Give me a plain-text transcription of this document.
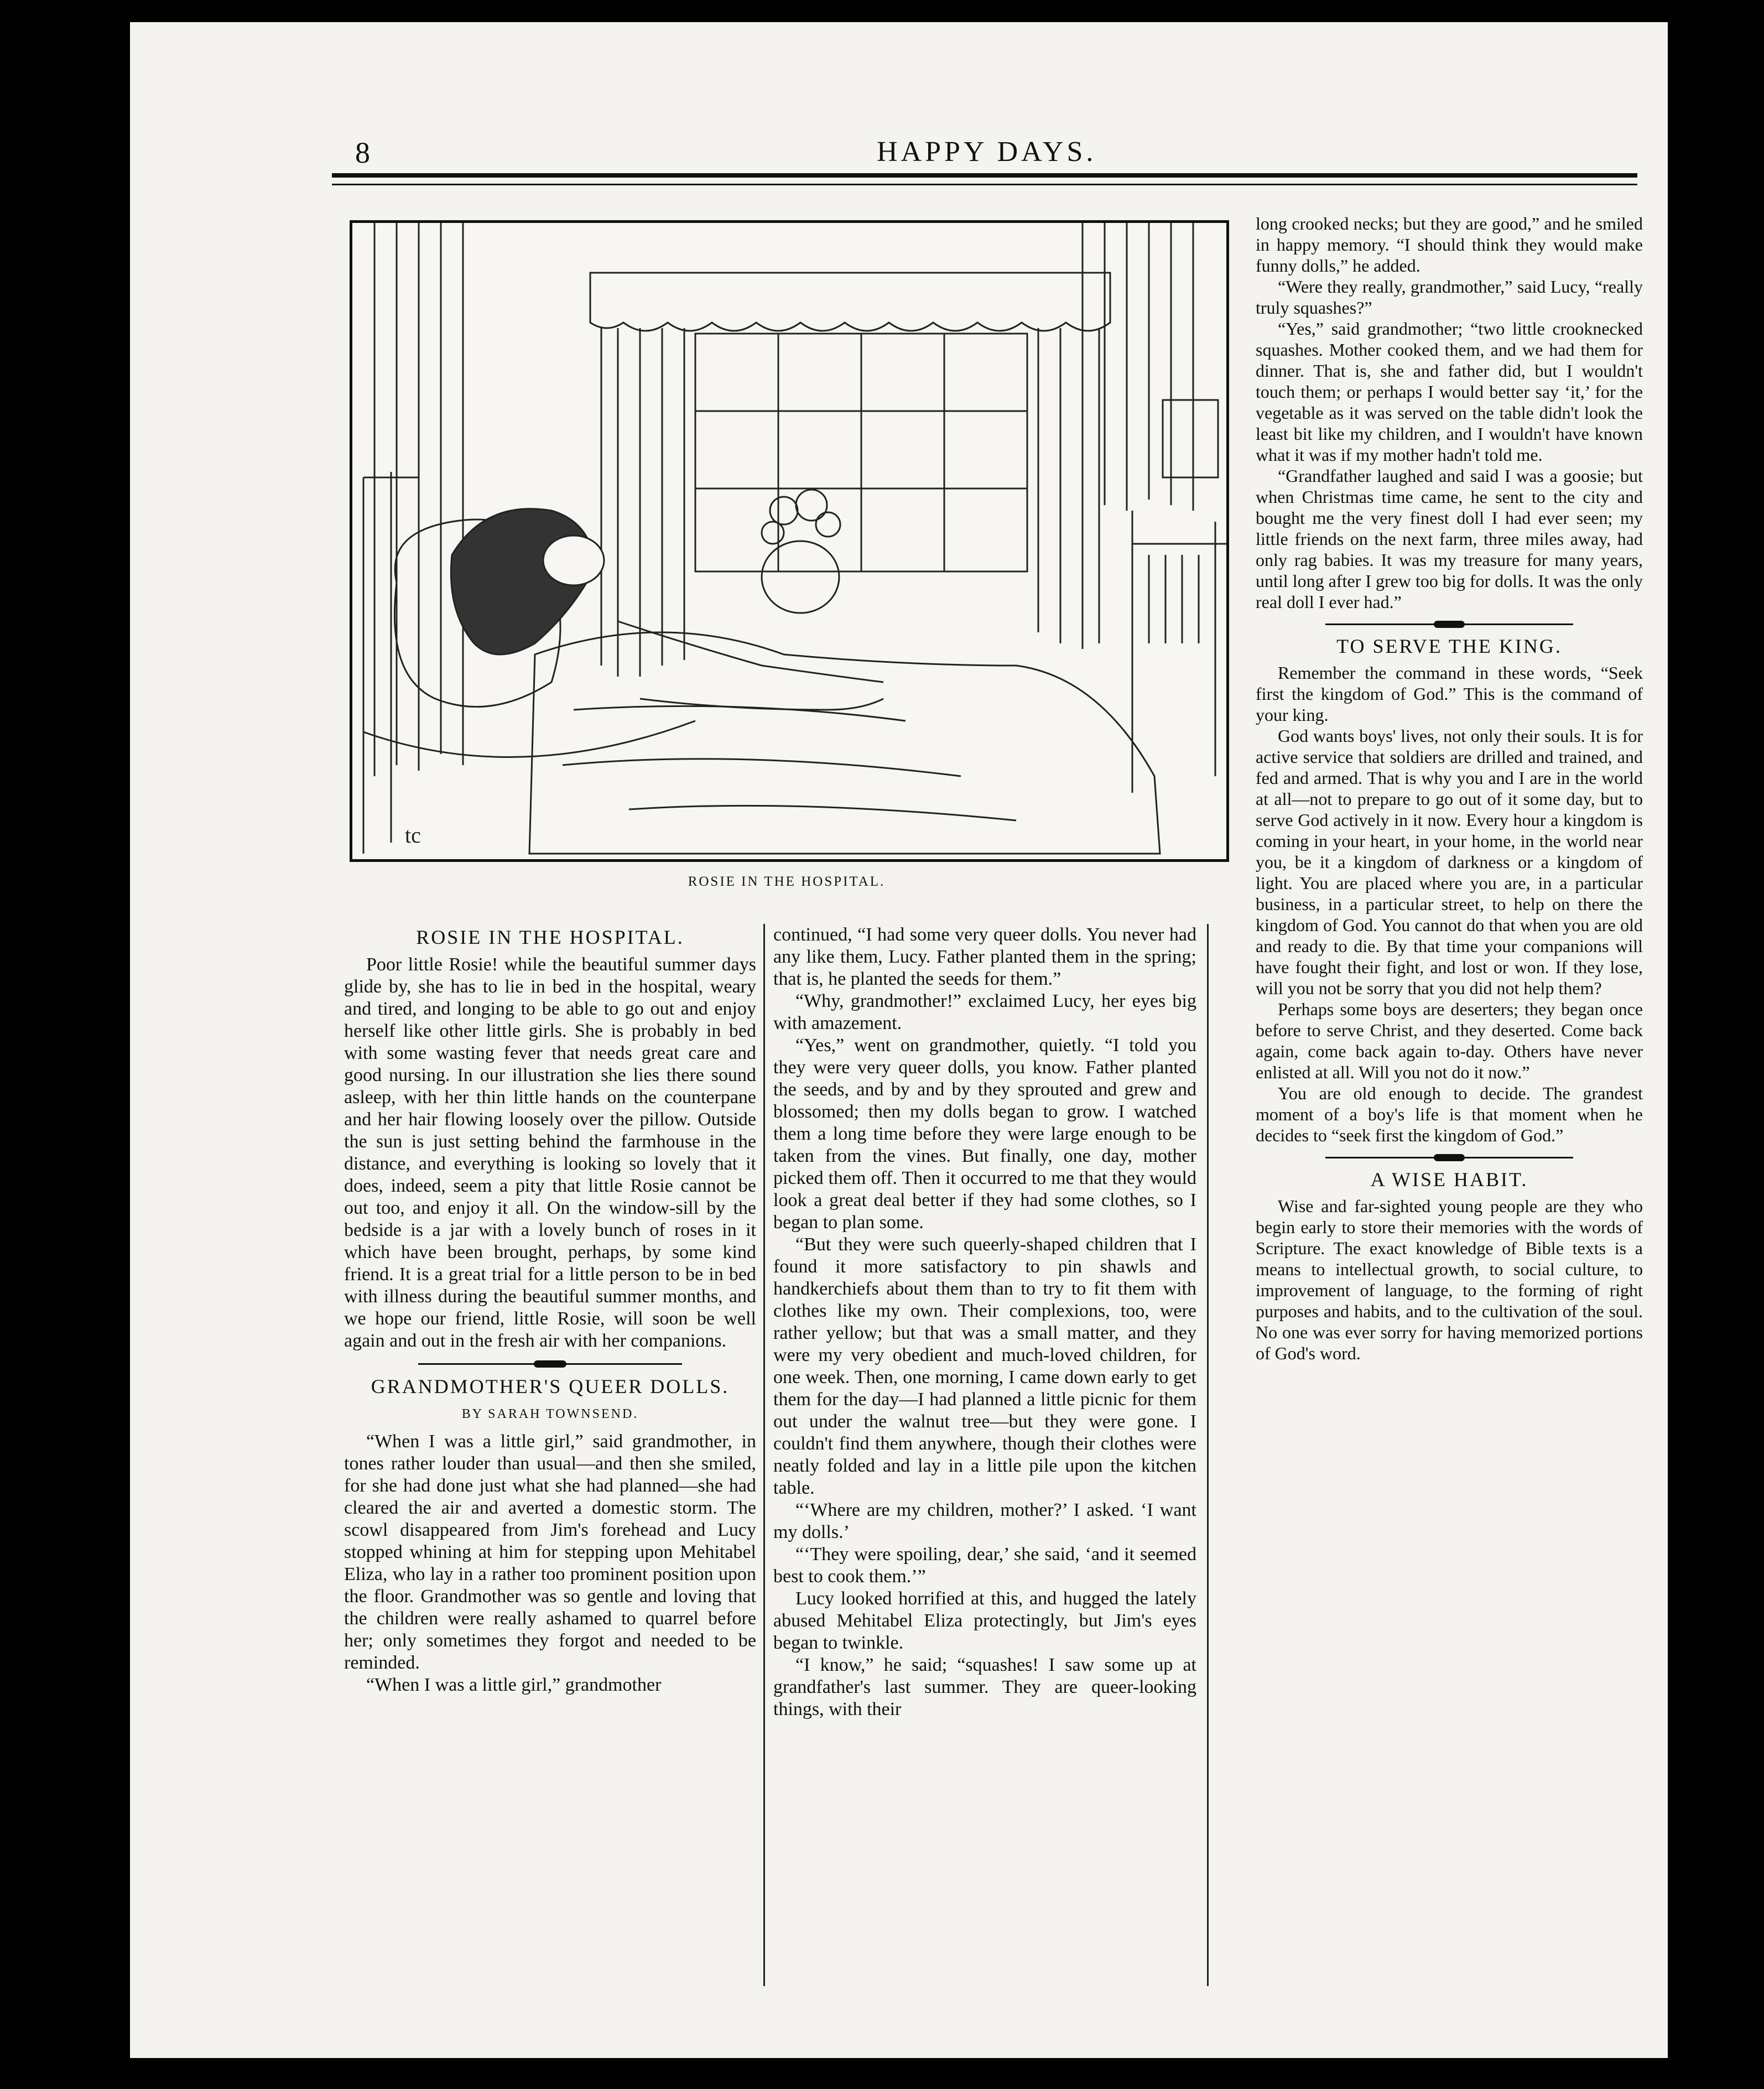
8	HAPPY DAYS.
tc
ROSIE IN THE HOSPITAL.
ROSIE IN THE HOSPITAL.

Poor little Rosie! while the beautiful summer days glide by, she has to lie in bed in the hospital, weary and tired, and longing to be able to go out and enjoy herself like other little girls. She is probably in bed with some wasting fever that needs great care and good nursing. In our illustration she lies there sound asleep, with her thin little hands on the counterpane and her hair flowing loosely over the pillow. Outside the sun is just setting behind the farmhouse in the distance, and everything is looking so lovely that it does, indeed, seem a pity that little Rosie cannot be out too, and enjoy it all. On the window-sill by the bedside is a jar with a lovely bunch of roses in it which have been brought, perhaps, by some kind friend. It is a great trial for a little person to be in bed with illness during the beautiful summer months, and we hope our friend, little Rosie, will soon be well again and out in the fresh air with her companions.

GRANDMOTHER'S QUEER DOLLS.
BY SARAH TOWNSEND.

“When I was a little girl,” said grandmother, in tones rather louder than usual—and then she smiled, for she had done just what she had planned—she had cleared the air and averted a domestic storm. The scowl disappeared from Jim's forehead and Lucy stopped whining at him for stepping upon Mehitabel Eliza, who lay in a rather too prominent position upon the floor. Grandmother was so gentle and loving that the children were really ashamed to quarrel before her; only sometimes they forgot and needed to be reminded.

“When I was a little girl,” grandmother

continued, “I had some very queer dolls. You never had any like them, Lucy. Father planted them in the spring; that is, he planted the seeds for them.”

“Why, grandmother!” exclaimed Lucy, her eyes big with amazement.

“Yes,” went on grandmother, quietly. “I told you they were very queer dolls, you know. Father planted the seeds, and by and by they sprouted and grew and blossomed; then my dolls began to grow. I watched them a long time before they were large enough to be taken from the vines. But finally, one day, mother picked them off. Then it occurred to me that they would look a great deal better if they had some clothes, so I began to plan some.

“But they were such queerly-shaped children that I found it more satisfactory to pin shawls and handkerchiefs about them than to try to fit them with clothes like my own. Their complexions, too, were rather yellow; but that was a small matter, and they were my very obedient and much-loved children, for one week. Then, one morning, I came down early to get them for the day—I had planned a little picnic for them out under the walnut tree—but they were gone. I couldn't find them anywhere, though their clothes were neatly folded and lay in a little pile upon the kitchen table.

“‘Where are my children, mother?’ I asked. ‘I want my dolls.’

“‘They were spoiling, dear,’ she said, ‘and it seemed best to cook them.’”

Lucy looked horrified at this, and hugged the lately abused Mehitabel Eliza protectingly, but Jim's eyes began to twinkle.

“I know,” he said; “squashes! I saw some up at grandfather's last summer. They are queer-looking things, with their

long crooked necks; but they are good,” and he smiled in happy memory. “I should think they would make funny dolls,” he added.

“Were they really, grandmother,” said Lucy, “really truly squashes?”

“Yes,” said grandmother; “two little crooknecked squashes. Mother cooked them, and we had them for dinner. That is, she and father did, but I wouldn't touch them; or perhaps I would better say ‘it,’ for the vegetable as it was served on the table didn't look the least bit like my children, and I wouldn't have known what it was if my mother hadn't told me.

“Grandfather laughed and said I was a goosie; but when Christmas time came, he sent to the city and bought me the very finest doll I had ever seen; my little friends on the next farm, three miles away, had only rag babies. It was my treasure for many years, until long after I grew too big for dolls. It was the only real doll I ever had.”

TO SERVE THE KING.

Remember the command in these words, “Seek first the kingdom of God.” This is the command of your king.

God wants boys' lives, not only their souls. It is for active service that soldiers are drilled and trained, and fed and armed. That is why you and I are in the world at all—not to prepare to go out of it some day, but to serve God actively in it now. Every hour a kingdom is coming in your heart, in your home, in the world near you, be it a kingdom of darkness or a kingdom of light. You are placed where you are, in a particular business, in a particular street, to help on there the kingdom of God. You cannot do that when you are old and ready to die. By that time your companions will have fought their fight, and lost or won. If they lose, will you not be sorry that you did not help them?

Perhaps some boys are deserters; they began once before to serve Christ, and they deserted. Come back again, come back again to-day. Others have never enlisted at all. Will you not do it now.”

You are old enough to decide. The grandest moment of a boy's life is that moment when he decides to “seek first the kingdom of God.”

A WISE HABIT.

Wise and far-sighted young people are they who begin early to store their memories with the words of Scripture. The exact knowledge of Bible texts is a means to intellectual growth, to social culture, to improvement of language, to the forming of right purposes and habits, and to the cultivation of the soul. No one was ever sorry for having memorized portions of God's word.
